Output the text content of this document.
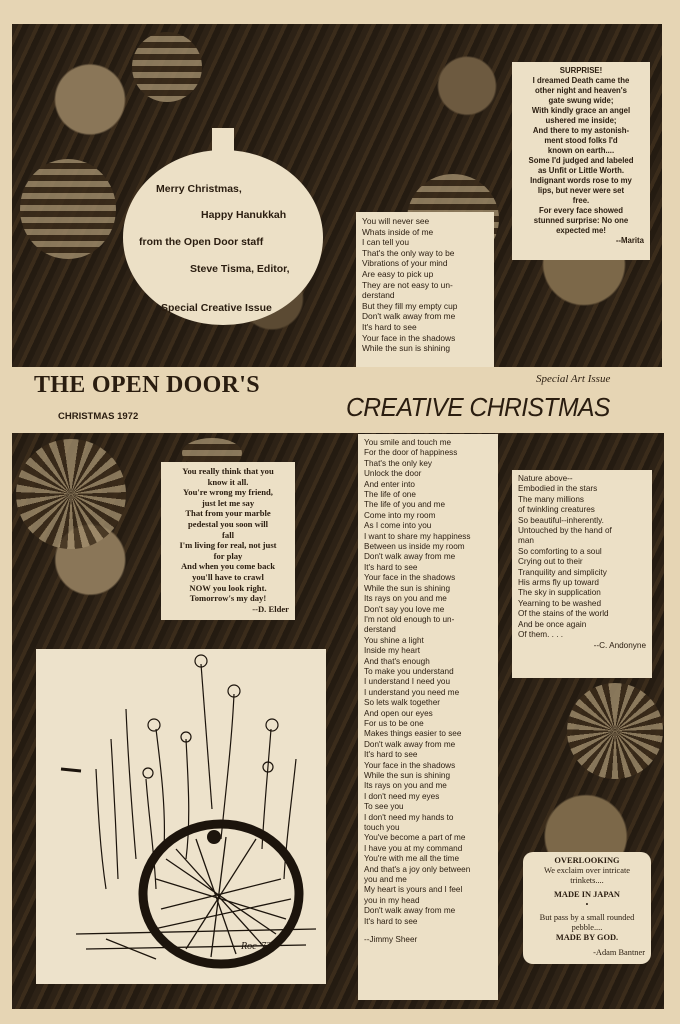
Merry Christmas,
Happy Hanukkah
from the Open Door staff
Steve Tisma, Editor,
Special Creative Issue
SURPRISE!
I dreamed Death came the
other night and heaven's
gate swung wide;
With kindly grace an angel
ushered me inside;
And there to my astonish-
ment stood folks I'd
known on earth....
Some I'd judged and labeled
as Unfit or Little Worth.
Indignant words rose to my
lips, but never were set
free.
For every face showed
stunned surprise: No one
expected me!
--Marita
You will never see
Whats inside of me
I can tell you
That's the only way to be
Vibrations of your mind
Are easy to pick up
They are not easy to un-
derstand
But they fill my empty cup
Don't walk away from me
It's hard to see
Your face in the shadows
While the sun is shining
THE OPEN DOOR'S
CHRISTMAS 1972
Special Art Issue
CREATIVE CHRISTMAS
You really think that you
know it all.
You're wrong my friend,
just let me say
That from your marble
pedestal you soon will
fall
I'm living for real, not just
for play
And when you come back
you'll have to crawl
NOW you look right.
Tomorrow's my day!
--D. Elder
Roc '73
You smile and touch me
For the door of happiness
That's the only key
Unlock the door
And enter into
The life of one
The life of you and me
Come into my room
As I come into you
I want to share my happiness
Between us inside my room
Don't walk away from me
It's hard to see
Your face in the shadows
While the sun is shining
Its rays on you and me
Don't say you love me
I'm not old enough to un-
derstand
You shine a light
Inside my heart
And that's enough
To make you understand
I understand I need you
I understand you need me
So lets walk together
And open our eyes
For us to be one
Makes things easier to see
Don't walk away from me
It's hard to see
Your face in the shadows
While the sun is shining
Its rays on you and me
I don't need my eyes
To see you
I don't need my hands to
touch you
You've become a part of me
I have you at my command
You're with me all the time
And that's a joy only between
you and me
My heart is yours and I feel
you in my head
Don't walk away from me
It's hard to see
--Jimmy Sheer
Nature above--
Embodied in the stars
The many millions
of twinkling creatures
So beautiful--inherently.
Untouched by the hand of
man
So comforting to a soul
Crying out to their
Tranquility and simplicity
His arms fly up toward
The sky in supplication
Yearning to be washed
Of the stains of the world
And be once again
Of them. . . .
--C. Andonyne
OVERLOOKING
We exclaim over intricate
trinkets....
MADE IN JAPAN
•
But pass by a small rounded
pebble....
MADE BY GOD.
-Adam Bantner
